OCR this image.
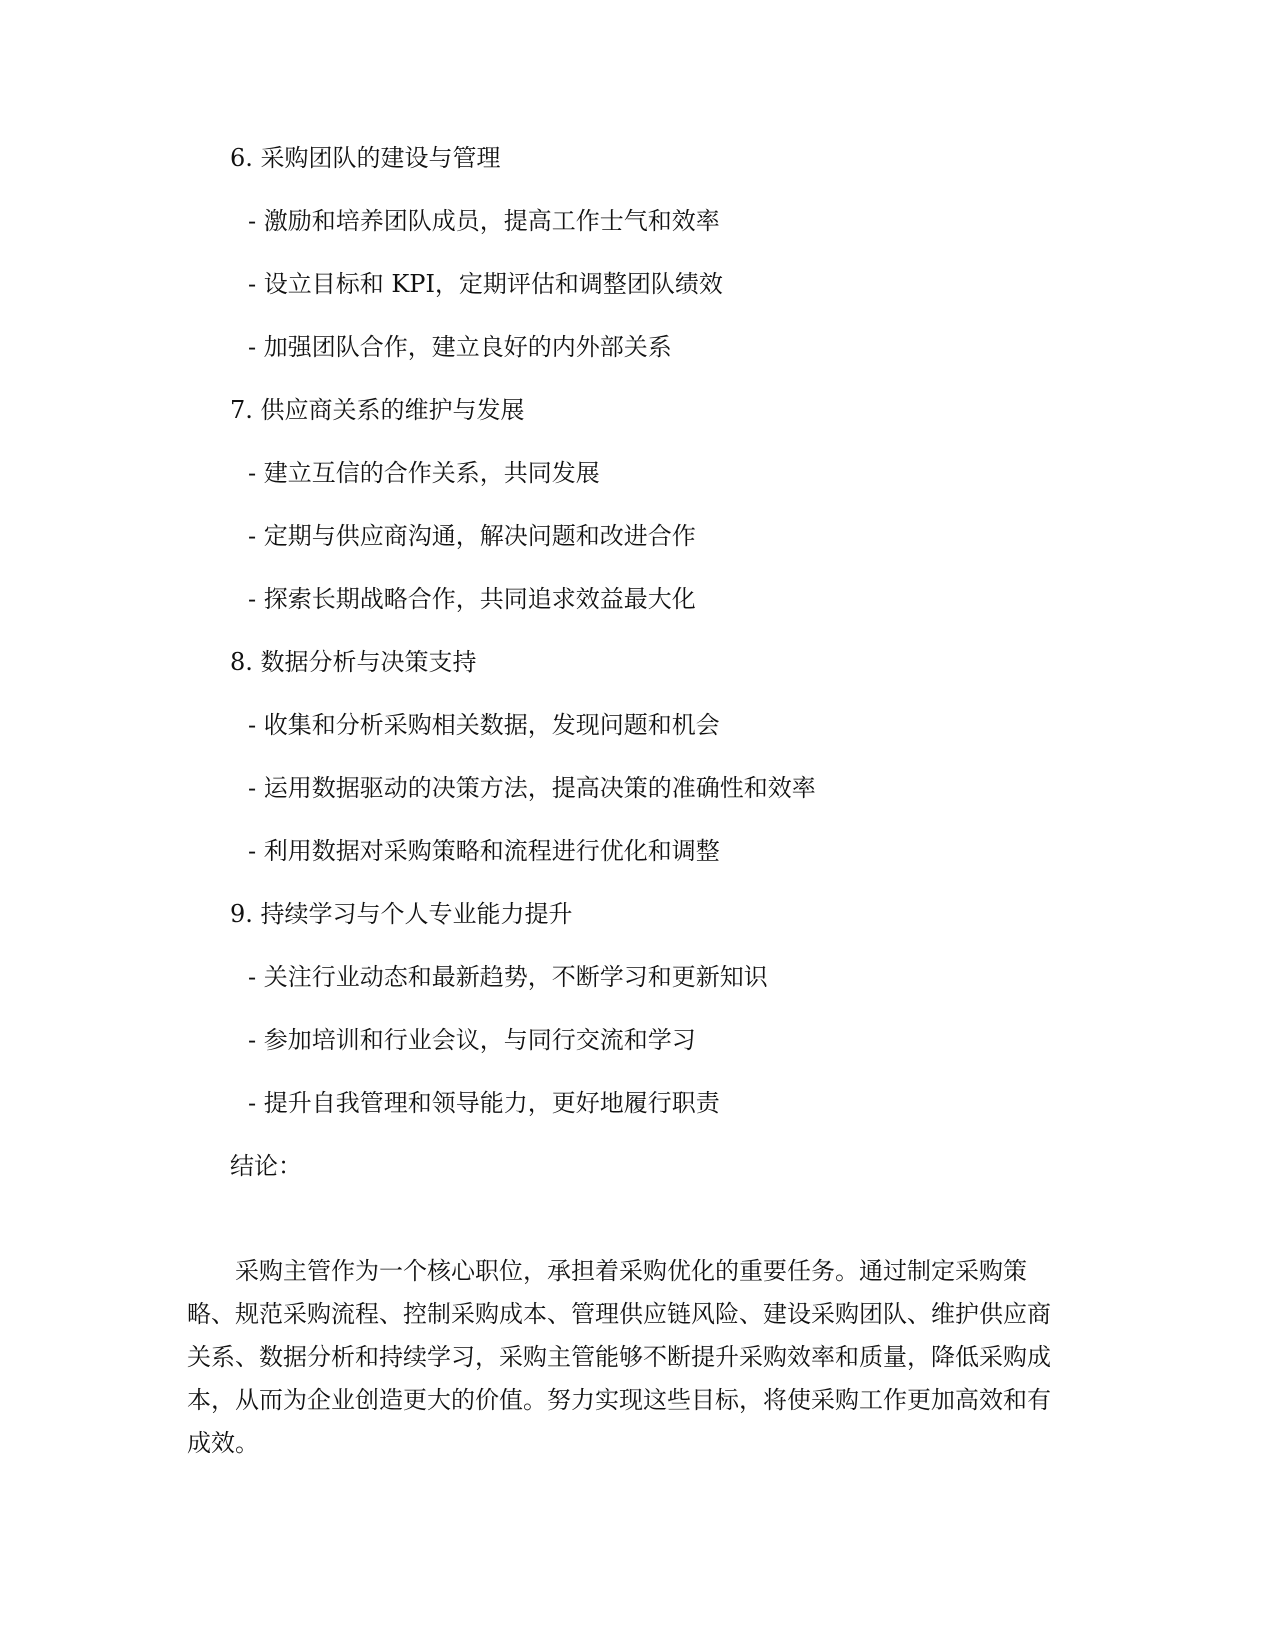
6. 采购团队的建设与管理
- 激励和培养团队成员，提高工作士气和效率
- 设立目标和 KPI，定期评估和调整团队绩效
- 加强团队合作，建立良好的内外部关系
7. 供应商关系的维护与发展
- 建立互信的合作关系，共同发展
- 定期与供应商沟通，解决问题和改进合作
- 探索长期战略合作，共同追求效益最大化
8. 数据分析与决策支持
- 收集和分析采购相关数据，发现问题和机会
- 运用数据驱动的决策方法，提高决策的准确性和效率
- 利用数据对采购策略和流程进行优化和调整
9. 持续学习与个人专业能力提升
- 关注行业动态和最新趋势，不断学习和更新知识
- 参加培训和行业会议，与同行交流和学习
- 提升自我管理和领导能力，更好地履行职责
结论：
　　采购主管作为一个核心职位，承担着采购优化的重要任务。通过制定采购策
略、规范采购流程、控制采购成本、管理供应链风险、建设采购团队、维护供应商
关系、数据分析和持续学习，采购主管能够不断提升采购效率和质量，降低采购成
本，从而为企业创造更大的价值。努力实现这些目标，将使采购工作更加高效和有
成效。
